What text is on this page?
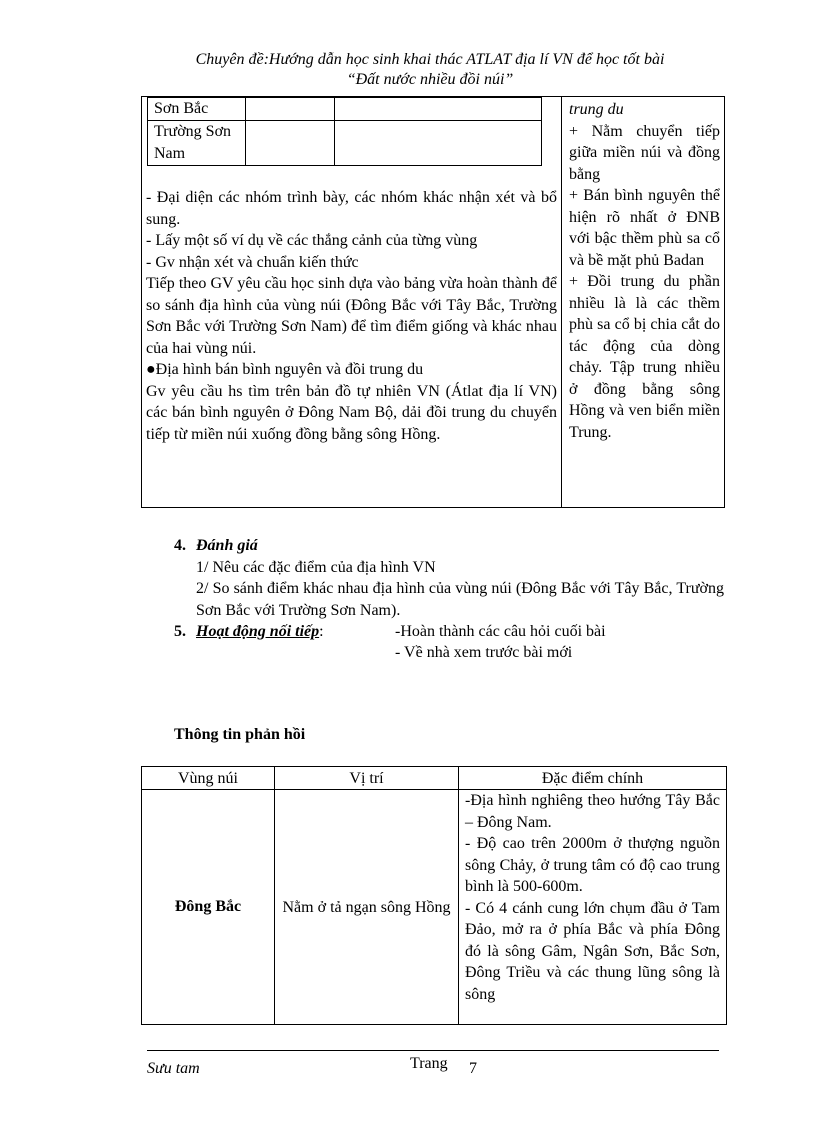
Chuyên đề:Hướng dẫn học sinh khai thác ATLAT địa lí VN để học tốt bài
“Đất nước nhiều đồi núi”
Sơn Bắc		
Trường Sơn Nam		

- Đại diện các nhóm trình bày, các nhóm khác nhận xét và bổ sung.

- Lấy một số ví dụ về các thắng cảnh của từng vùng

- Gv nhận xét và chuẩn kiến thức

Tiếp theo GV yêu cầu học sinh dựa vào bảng vừa hoàn thành để so sánh địa hình của vùng núi (Đông Bắc với Tây Bắc, Trường Sơn Bắc với Trường Sơn Nam) để tìm điểm giống và khác nhau của hai vùng núi.

●Địa hình bán bình nguyên và đồi trung du

Gv yêu cầu hs tìm trên bản đồ tự nhiên VN (Átlat địa lí VN) các bán bình nguyên ở Đông Nam Bộ, dải đồi trung du chuyển tiếp từ miền núi xuống đồng bằng sông Hồng.

trung du

+ Nằm chuyển tiếp giữa miền núi và đồng bằng

+ Bán bình nguyên thể hiện rõ nhất ở ĐNB với bậc thềm phù sa cổ và bề mặt phủ Badan

+ Đồi trung du phần nhiều là là các thềm phù sa cổ bị chia cắt do tác động của dòng chảy. Tập trung nhiều ở đồng bằng sông Hồng và ven biển miền Trung.

4. Đánh giá
1/ Nêu các đặc điểm của địa hình VN
2/ So sánh điểm khác nhau địa hình của vùng núi (Đông Bắc với Tây Bắc, Trường Sơn Bắc với Trường Sơn Nam).
5. Hoạt động nối tiếp:	-Hoàn thành các câu hỏi cuối bài
- Về nhà xem trước bài mới
Thông tin phản hồi
Vùng núi	Vị trí	Đặc điểm chính
Đông Bắc	Nằm ở tả ngạn sông Hồng	-Địa hình nghiêng theo hướng Tây Bắc – Đông Nam.
- Độ cao trên 2000m ở thượng nguồn sông Chảy, ở trung tâm có độ cao trung bình là 500-600m.
- Có 4 cánh cung lớn chụm đầu ở Tam Đảo, mở ra ở phía Bắc và phía Đông đó là sông Gâm, Ngân Sơn, Bắc Sơn, Đông Triều và các thung lũng sông là sông
Sưu tam	Trang 7
